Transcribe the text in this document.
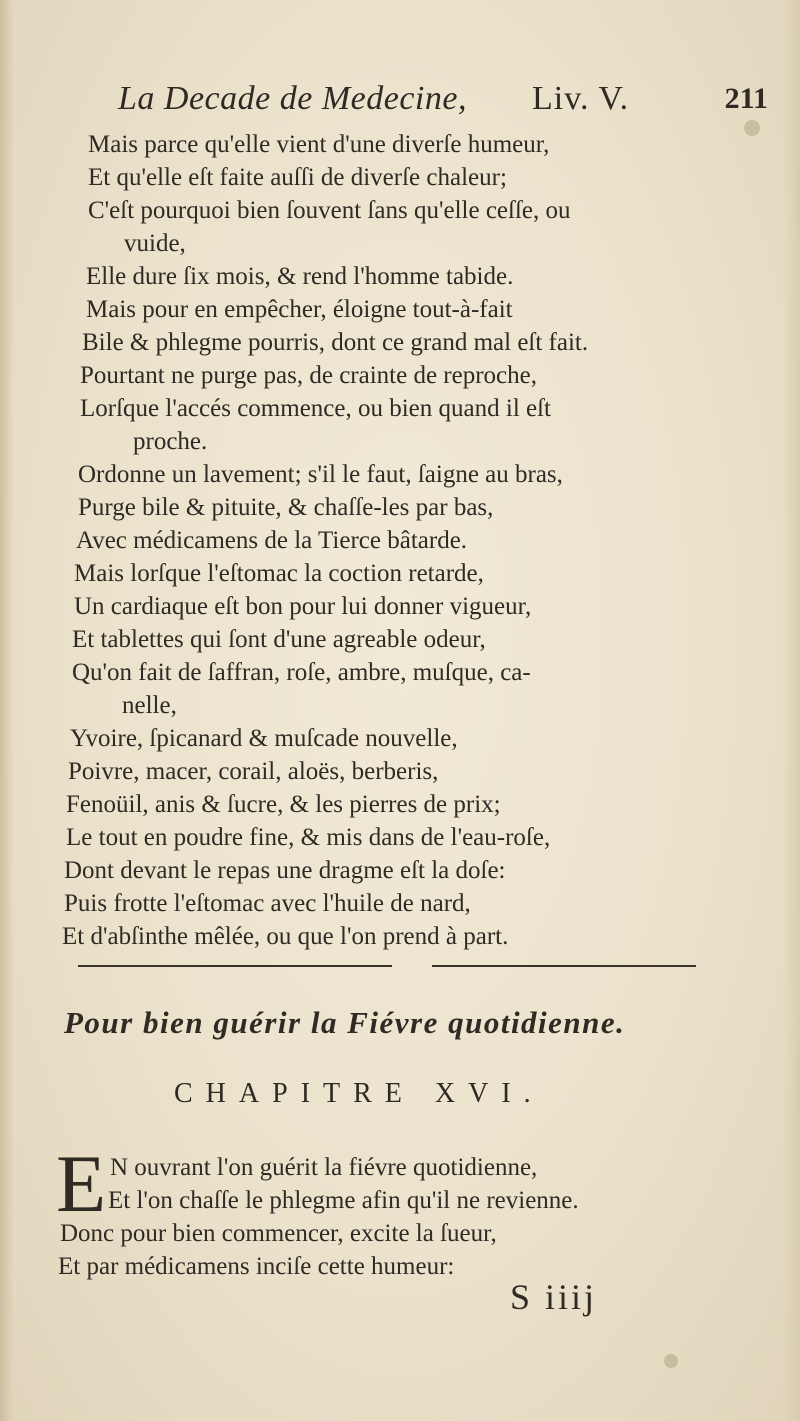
La Decade de Medecine, Liv. V.	211
Mais parce qu'elle vient d'une diverſe humeur,
Et qu'elle eſt faite auſſi de diverſe chaleur;
C'eſt pourquoi bien ſouvent ſans qu'elle ceſſe, ou
vuide,
Elle dure ſix mois, & rend l'homme tabide.
Mais pour en empêcher, éloigne tout-à-fait
Bile & phlegme pourris, dont ce grand mal eſt fait.
Pourtant ne purge pas, de crainte de reproche,
Lorſque l'accés commence, ou bien quand il eſt
proche.
Ordonne un lavement; s'il le faut, ſaigne au bras,
Purge bile & pituite, & chaſſe-les par bas,
Avec médicamens de la Tierce bâtarde.
Mais lorſque l'eſtomac la coction retarde,
Un cardiaque eſt bon pour lui donner vigueur,
Et tablettes qui ſont d'une agreable odeur,
Qu'on fait de ſaffran, roſe, ambre, muſque, ca-
nelle,
Yvoire, ſpicanard & muſcade nouvelle,
Poivre, macer, corail, aloës, berberis,
Fenoüil, anis & ſucre, & les pierres de prix;
Le tout en poudre fine, & mis dans de l'eau-roſe,
Dont devant le repas une dragme eſt la doſe:
Puis frotte l'eſtomac avec l'huile de nard,
Et d'abſinthe mêlée, ou que l'on prend à part.
Pour bien guérir la Fiévre quotidienne.
CHAPITRE XVI.
E N ouvrant l'on guérit la fiévre quotidienne,
Et l'on chaſſe le phlegme afin qu'il ne revienne.
Donc pour bien commencer, excite la ſueur,
Et par médicamens inciſe cette humeur:
S iiij
